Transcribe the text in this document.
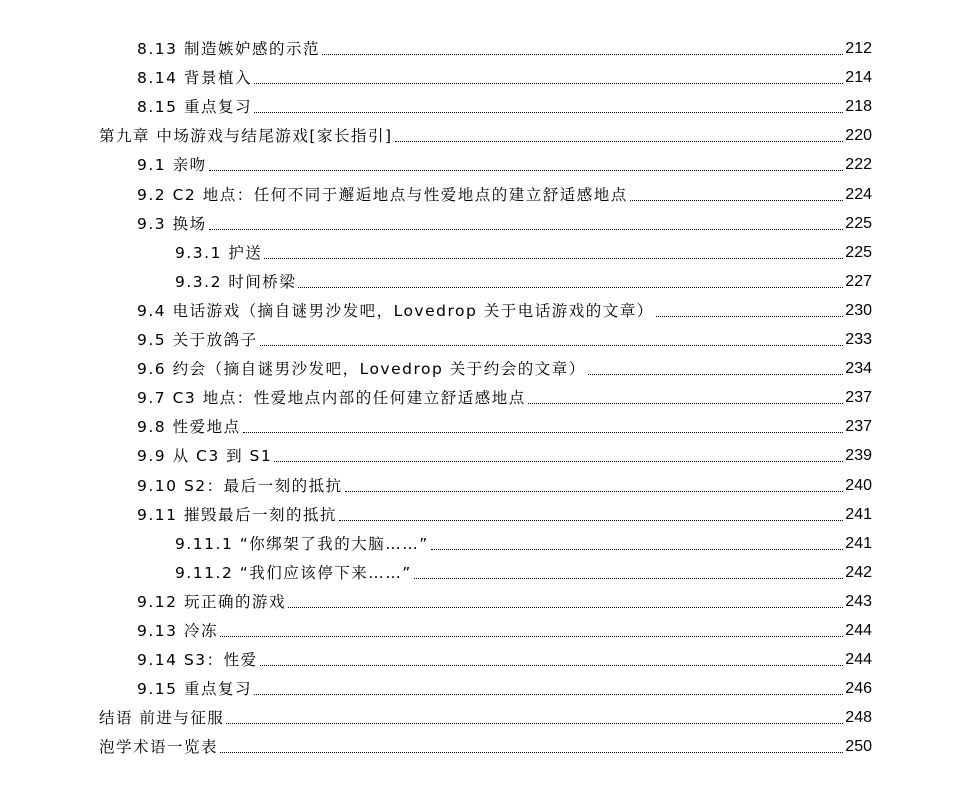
8.13 制造嫉妒感的示范	212
8.14 背景植入	214
8.15 重点复习	218
第九章 中场游戏与结尾游戏[家长指引]	220
9.1 亲吻	222
9.2 C2 地点：任何不同于邂逅地点与性爱地点的建立舒适感地点	224
9.3 换场	225
9.3.1 护送	225
9.3.2 时间桥梁	227
9.4 电话游戏（摘自谜男沙发吧，Lovedrop 关于电话游戏的文章）	230
9.5 关于放鸽子	233
9.6 约会（摘自谜男沙发吧，Lovedrop 关于约会的文章）	234
9.7 C3 地点：性爱地点内部的任何建立舒适感地点	237
9.8 性爱地点	237
9.9 从 C3 到 S1	239
9.10 S2：最后一刻的抵抗	240
9.11 摧毁最后一刻的抵抗	241
9.11.1 “你绑架了我的大脑……”	241
9.11.2 “我们应该停下来……”	242
9.12 玩正确的游戏	243
9.13 冷冻	244
9.14 S3：性爱	244
9.15 重点复习	246
结语 前进与征服	248
泡学术语一览表	250
